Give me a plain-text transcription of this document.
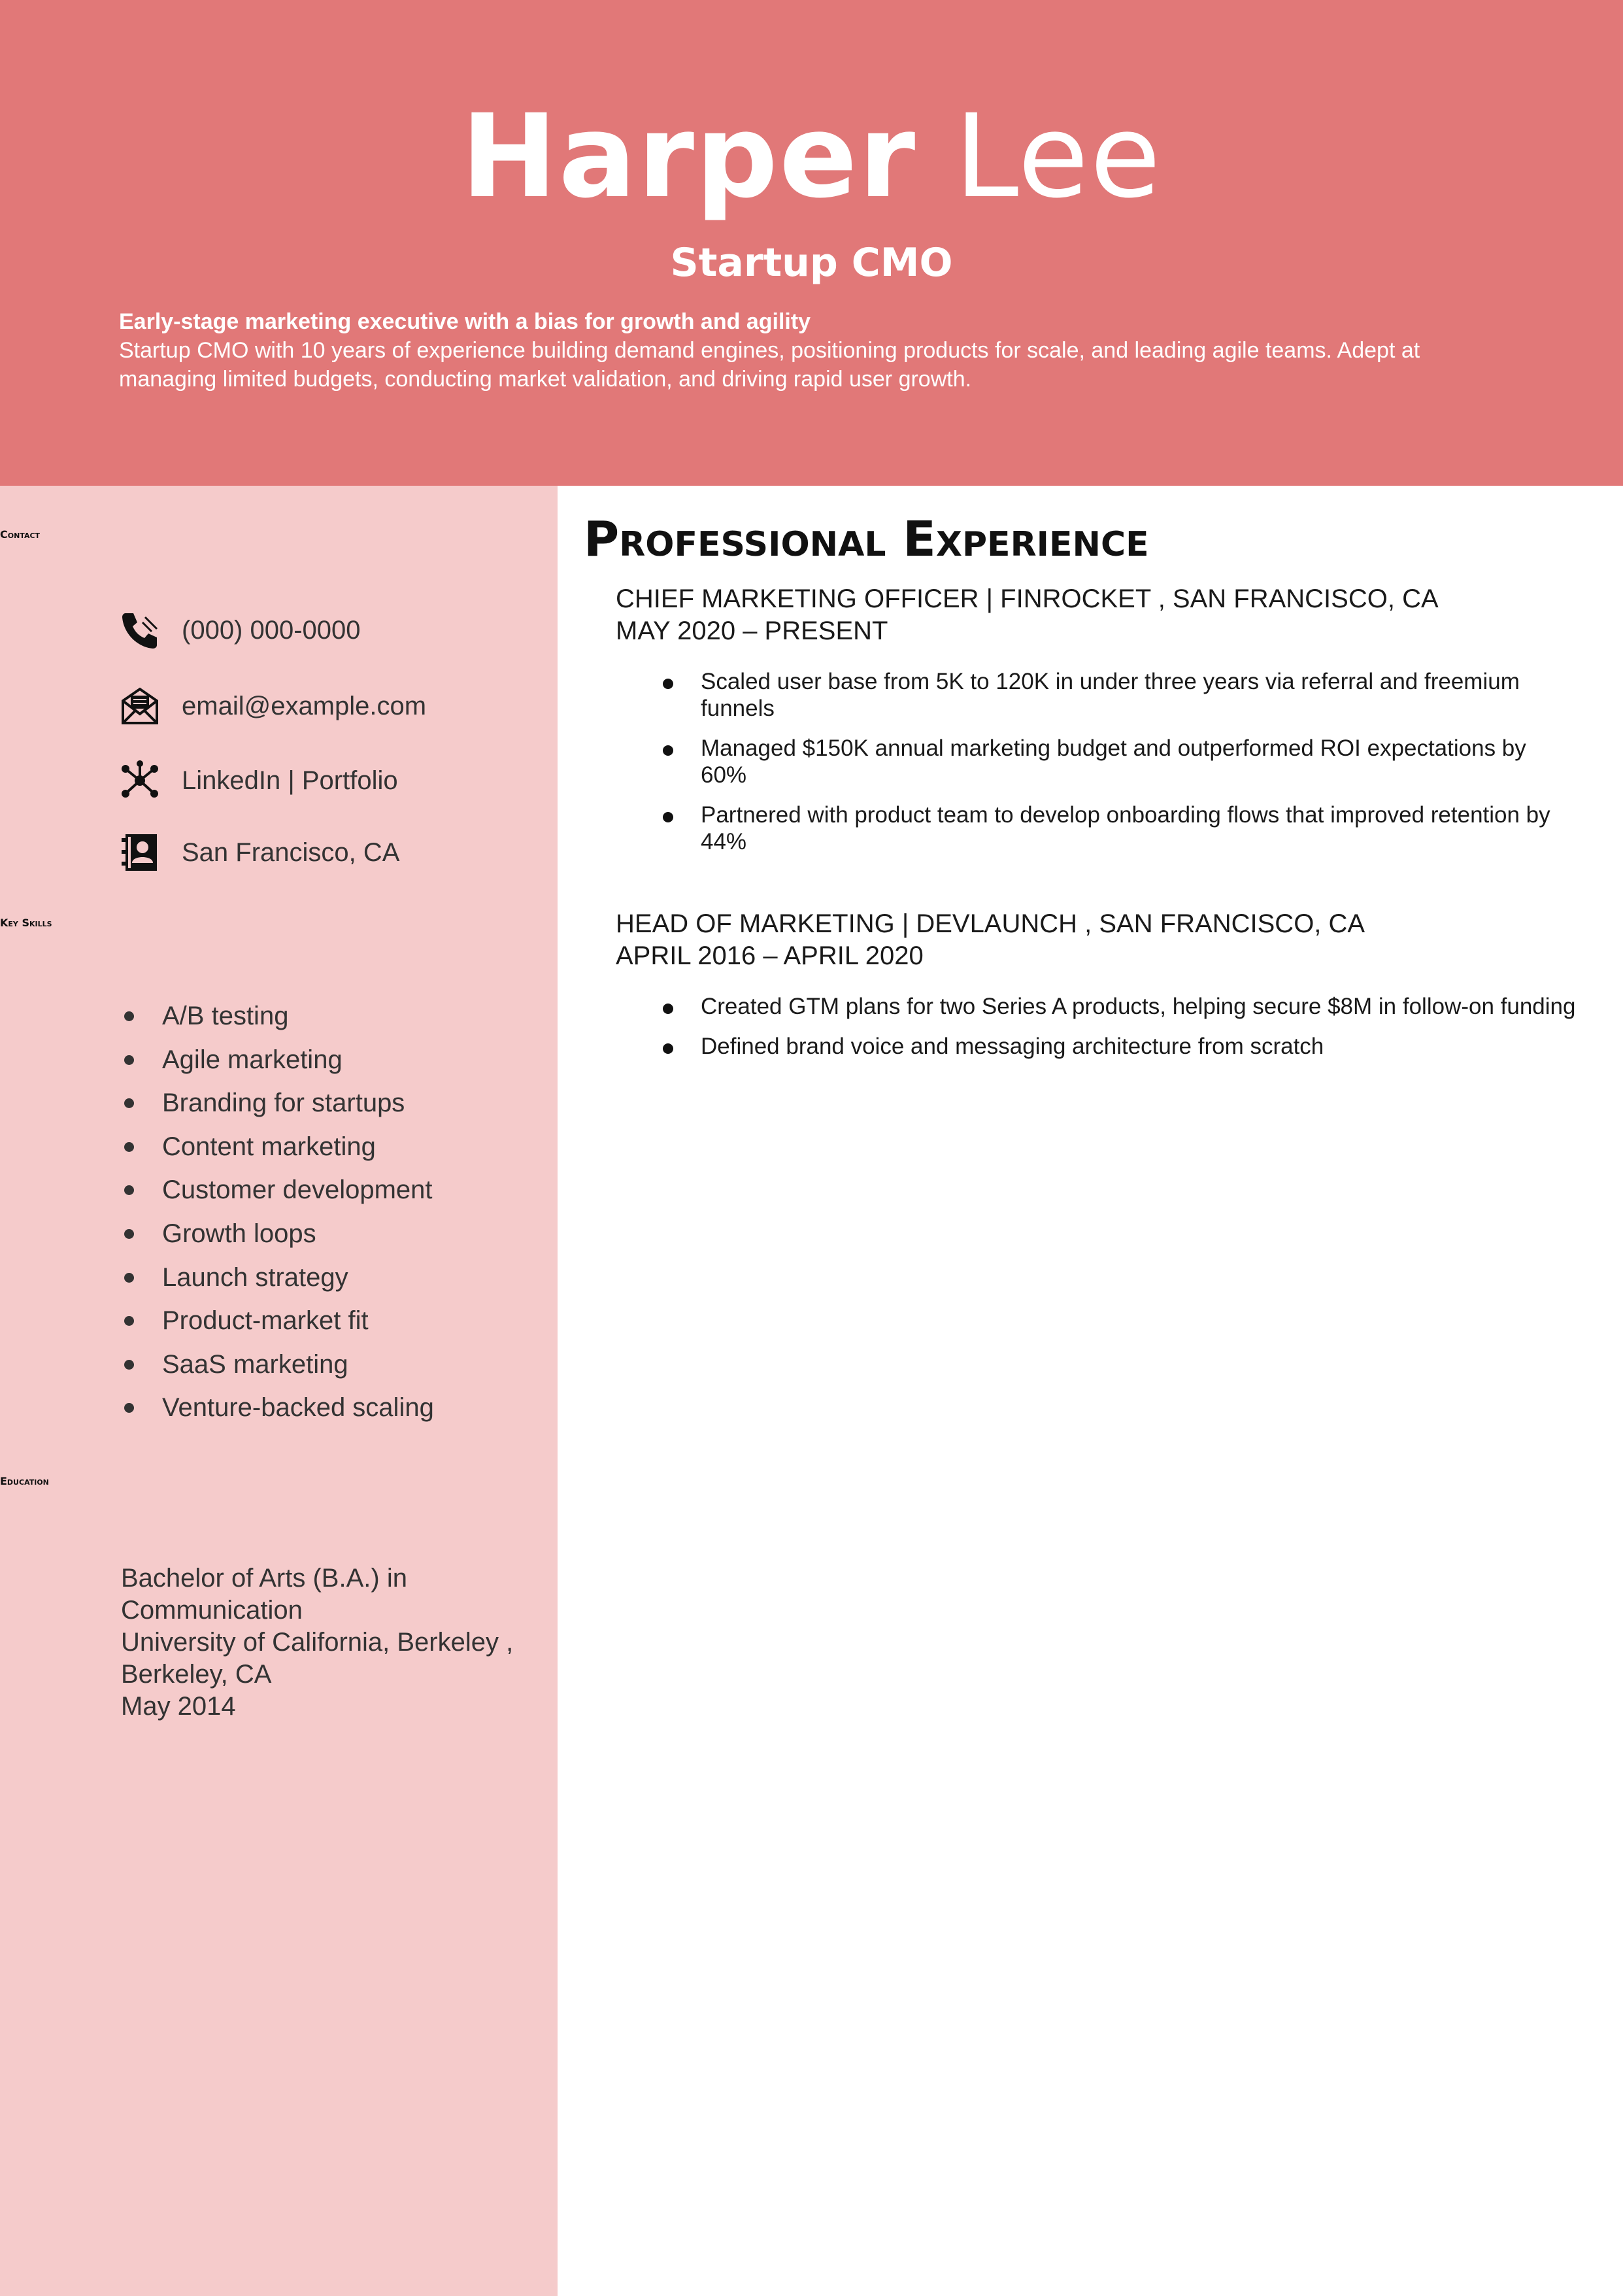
Harper Lee
Startup CMO
Early-stage marketing executive with a bias for growth and agility
Startup CMO with 10 years of experience building demand engines, positioning products for scale, and leading agile teams. Adept at managing limited budgets, conducting market validation, and driving rapid user growth.
Contact
(000) 000-0000
email@example.com
LinkedIn | Portfolio
San Francisco, CA
Key Skills
A/B testing
Agile marketing
Branding for startups
Content marketing
Customer development
Growth loops
Launch strategy
Product-market fit
SaaS marketing
Venture-backed scaling
Education
Bachelor of Arts (B.A.) in Communication
University of California, Berkeley , Berkeley, CA
May 2014
Professional Experience
CHIEF MARKETING OFFICER | FINROCKET , SAN FRANCISCO, CA
MAY 2020 – PRESENT
Scaled user base from 5K to 120K in under three years via referral and freemium funnels
Managed $150K annual marketing budget and outperformed ROI expectations by 60%
Partnered with product team to develop onboarding flows that improved retention by 44%
HEAD OF MARKETING | DEVLAUNCH , SAN FRANCISCO, CA
APRIL 2016 – APRIL 2020
Created GTM plans for two Series A products, helping secure $8M in follow-on funding
Defined brand voice and messaging architecture from scratch
